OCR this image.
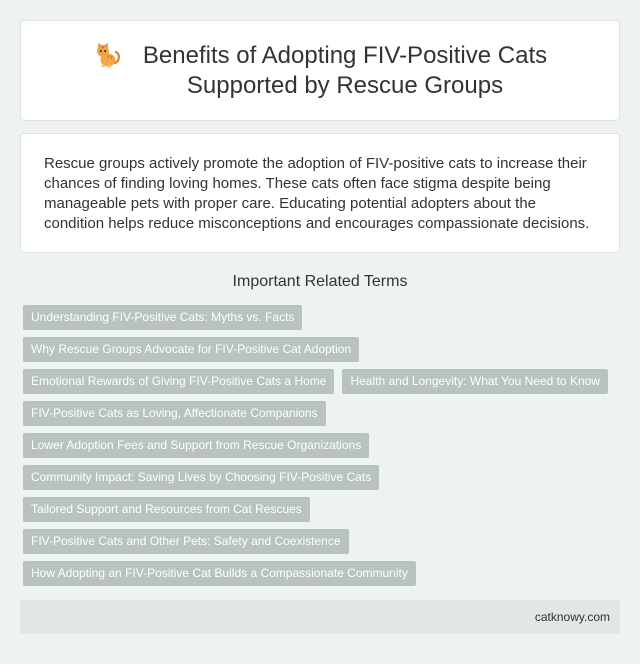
Benefits of Adopting FIV-Positive Cats
Supported by Rescue Groups

Rescue groups actively promote the adoption of FIV-positive cats to increase their chances of finding loving homes. These cats often face stigma despite being manageable pets with proper care. Educating potential adopters about the condition helps reduce misconceptions and encourages compassionate decisions.

Important Related Terms
Understanding FIV-Positive Cats: Myths vs. Facts
Why Rescue Groups Advocate for FIV-Positive Cat Adoption
Emotional Rewards of Giving FIV-Positive Cats a Home	Health and Longevity: What You Need to Know
FIV-Positive Cats as Loving, Affectionate Companions
Lower Adoption Fees and Support from Rescue Organizations
Community Impact: Saving Lives by Choosing FIV-Positive Cats
Tailored Support and Resources from Cat Rescues
FIV-Positive Cats and Other Pets: Safety and Coexistence
How Adopting an FIV-Positive Cat Builds a Compassionate Community
catknowy.com
